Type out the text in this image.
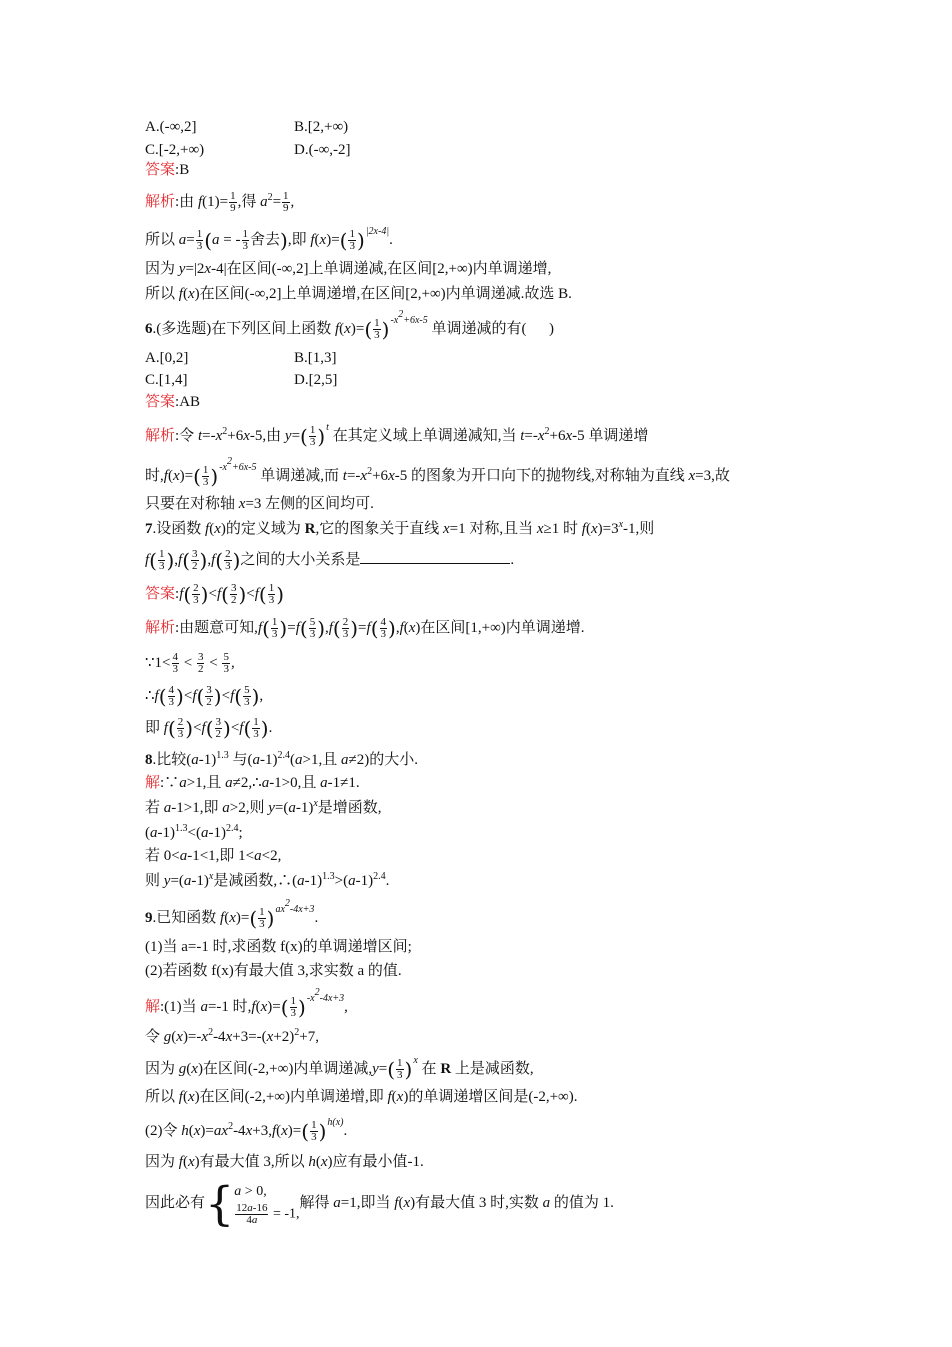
A.(-∞,2]	B.[2,+∞)
C.[-2,+∞)	D.(-∞,-2]
答案:B
解析:由 $f(1)= \frac{1}{9}$ ,得 $a^2= \frac{1}{9}$ ,
所以 $a= \frac{1}{3} (a$ = - $\frac{1}{3}$ 舍去),即 $f(x)=( \frac{1}{3} )^{|2x-4|}$.
因为 y=|2x-4|在区间(-∞,2]上单调递减,在区间[2,+∞)内单调递增,
所以 f(x)在区间(-∞,2]上单调递增,在区间[2,+∞)内单调递减.故选 B.
6.(多选题)在下列区间上函数 $f(x)=( \frac{1}{3} )^{-x^2+6x-5}$ 单调递减的有(      )
A.[0,2]	B.[1,3]
C.[1,4]	D.[2,5]
答案:AB
解析:令 $t=-x^2+6x-5$,由 $y=( \frac{1}{3} )^t$ 在其定义域上单调递减知,当 $t=-x^2+6x-5$ 单调递增
时$,f(x)=( \frac{1}{3} )^{-x^2+6x-5}$ 单调递减,而 $t=-x^2+6x-5$ 的图象为开口向下的抛物线,对称轴为直线 x=3,故
只要在对称轴 x=3 左侧的区间均可.
7.设函数 f(x)的定义域为 R,它的图象关于直线 x=1 对称,且当 x≥1 时 $f(x)=3^x-1$,则
$f( \frac{1}{3} ),f( \frac{3}{2} ),f( \frac{2}{3}$ )之间的大小关系是	.
答案:f( $\frac{2}{3} )<f( \frac{3}{2} )<f( \frac{1}{3}$ )
解析:由题意可知$,f( \frac{1}{3} )=f( \frac{5}{3} ),f( \frac{2}{3} )=f( \frac{4}{3} ),f(x)$在区间[1,+∞)内单调递增.
∵1< $\frac{4}{3} < \frac{3}{2} < \frac{5}{3}$ ,
∴f( $\frac{4}{3} )<f( \frac{3}{2} )<f( \frac{5}{3}$ ),
即 $f( \frac{2}{3} )<f( \frac{3}{2} )<f( \frac{1}{3}$ ).
8.比较$(a-1)^{1.3}$ 与$(a-1)^{2.4}(a>1$,且 a≠2)的大小.
解:∵a>1,且 a≠2,∴a-1>0,且 a-1≠1.
若 a-1>1,即 a>2,则 $y=(a-1)^x$是增函数,
$(a-1)^{1.3}<(a-1)^{2.4}$;
若 0<a-1<1,即 1<a<2,
则 $y=(a-1)^x$是减函数$,\therefore(a-1)^{1.3}>(a-1)^{2.4}$.
9.已知函数 $f(x)=( \frac{1}{3} )^{ax^2-4x+3}$.
(1)当 a=-1 时,求函数 f(x)的单调递增区间;
(2)若函数 f(x)有最大值 3,求实数 a 的值.
解:(1)当 a=-1 时$,f(x)=( \frac{1}{3} )^{-x^2-4x+3}$,
令 $g(x)=-x^2-4x+3=-(x+2)^2+7$,
因为 g(x)在区间(-2,+∞)内单调递减$,y=( \frac{1}{3} )^x$ 在 R 上是减函数,
所以 f(x)在区间(-2,+∞)内单调递增,即 f(x)的单调递增区间是(-2,+∞).
(2)令 $h(x)=ax^2-4x+3,f(x)=( \frac{1}{3} )^{h(x)}$.
因为 f(x)有最大值 3,所以 h(x)应有最小值-1.
因此必有{ a > 0,
$\frac{12a-16}{4a} = -1$,
解得 a=1,即当 f(x)有最大值 3 时,实数 a 的值为 1.
